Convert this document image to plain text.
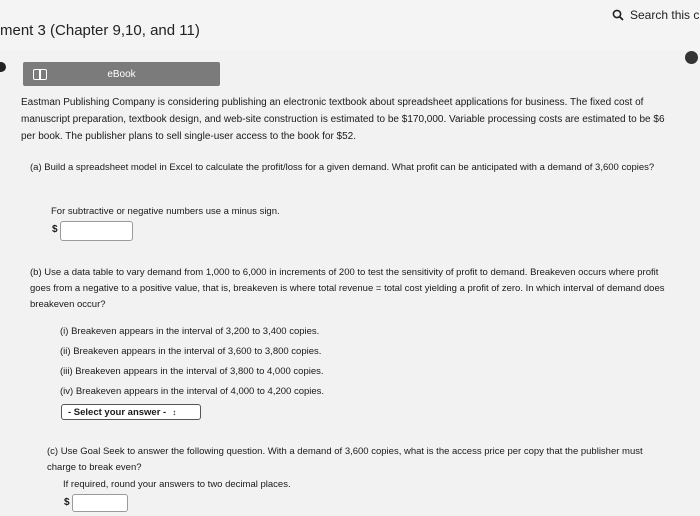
ment 3 (Chapter 9,10, and 11)
Search this c
eBook
Eastman Publishing Company is considering publishing an electronic textbook about spreadsheet applications for business. The fixed cost of manuscript preparation, textbook design, and web-site construction is estimated to be $170,000. Variable processing costs are estimated to be $6 per book. The publisher plans to sell single-user access to the book for $52.
(a) Build a spreadsheet model in Excel to calculate the profit/loss for a given demand. What profit can be anticipated with a demand of 3,600 copies?
For subtractive or negative numbers use a minus sign.
$
(b) Use a data table to vary demand from 1,000 to 6,000 in increments of 200 to test the sensitivity of profit to demand. Breakeven occurs where profit goes from a negative to a positive value, that is, breakeven is where total revenue = total cost yielding a profit of zero. In which interval of demand does breakeven occur?
(i) Breakeven appears in the interval of 3,200 to 3,400 copies.
(ii) Breakeven appears in the interval of 3,600 to 3,800 copies.
(iii) Breakeven appears in the interval of 3,800 to 4,000 copies.
(iv) Breakeven appears in the interval of 4,000 to 4,200 copies.
- Select your answer - ↕
(c) Use Goal Seek to answer the following question. With a demand of 3,600 copies, what is the access price per copy that the publisher must charge to break even?
If required, round your answers to two decimal places.
$
